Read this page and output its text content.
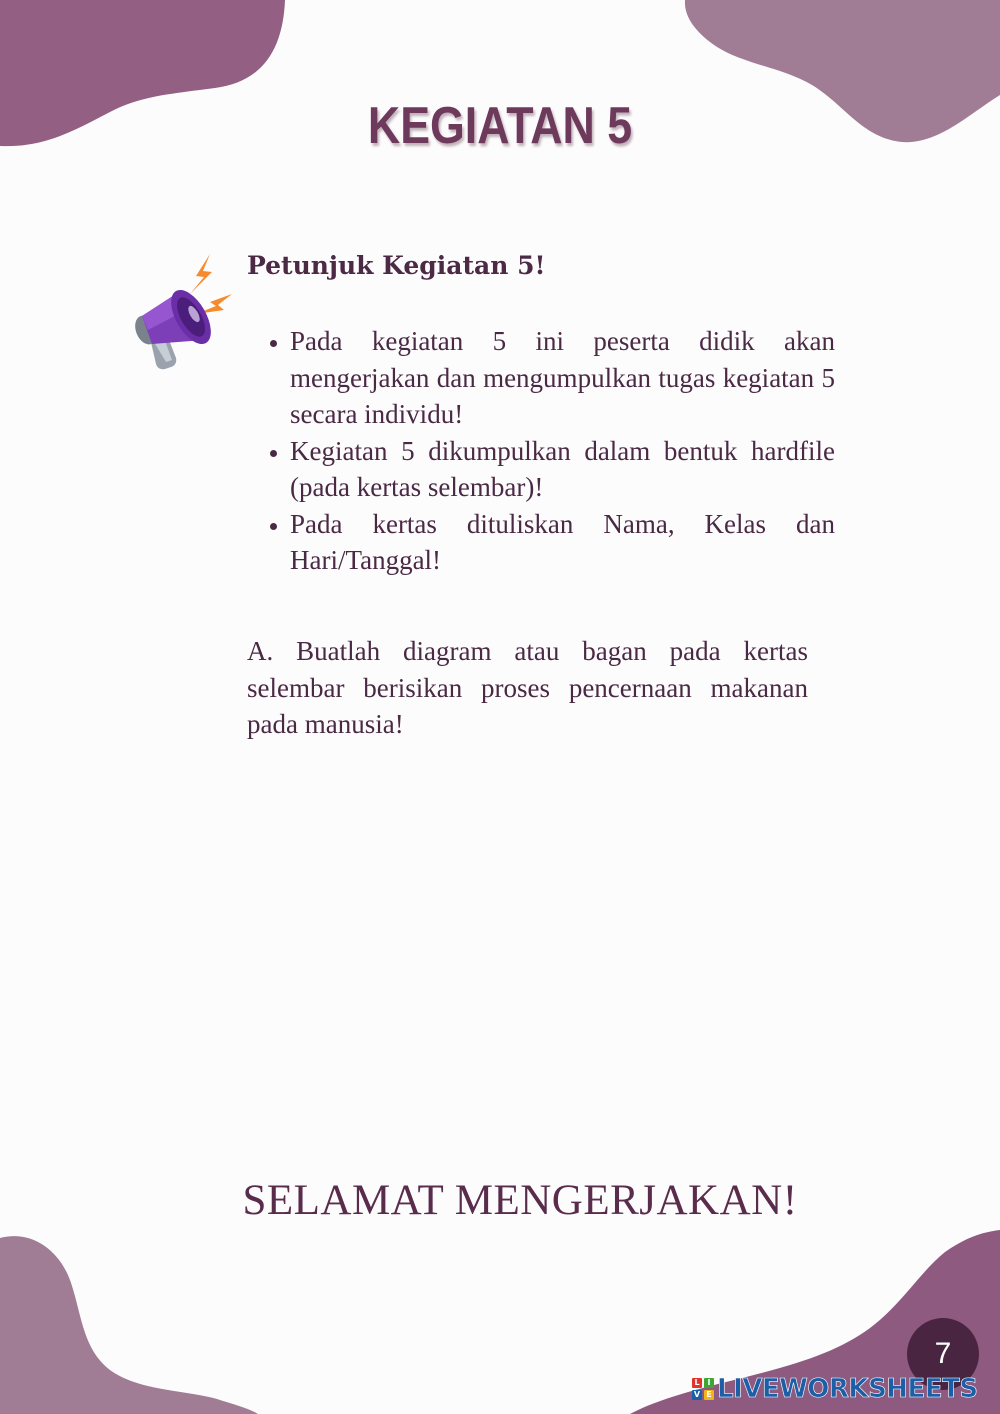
KEGIATAN 5
Petunjuk Kegiatan 5!
• Pada kegiatan 5 ini peserta didik akan mengerjakan dan mengumpulkan tugas kegiatan 5 secara individu!
• Kegiatan 5 dikumpulkan dalam bentuk hardfile (pada kertas selembar)!
• Pada kertas dituliskan Nama, Kelas dan Hari/Tanggal!

A. Buatlah diagram atau bagan pada kertas selembar berisikan proses pencernaan makanan pada manusia!

SELAMAT MENGERJAKAN!
7
L I
V E LIVEWORKSHEETS
